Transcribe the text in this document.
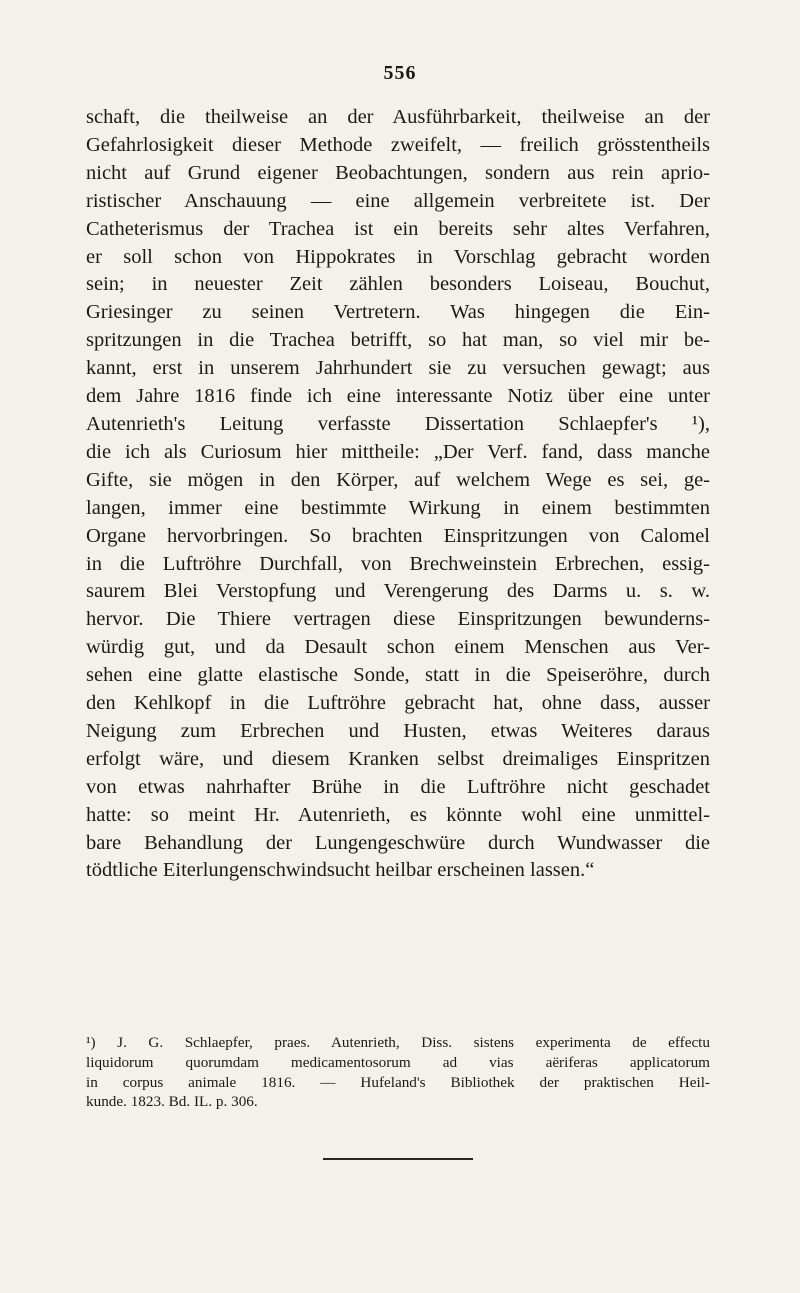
556
schaft, die theilweise an der Ausführbarkeit, theilweise an der
Gefahrlosigkeit dieser Methode zweifelt, — freilich grösstentheils
nicht auf Grund eigener Beobachtungen, sondern aus rein aprio-
ristischer Anschauung — eine allgemein verbreitete ist. Der
Catheterismus der Trachea ist ein bereits sehr altes Verfahren,
er soll schon von Hippokrates in Vorschlag gebracht worden
sein; in neuester Zeit zählen besonders Loiseau, Bouchut,
Griesinger zu seinen Vertretern. Was hingegen die Ein-
spritzungen in die Trachea betrifft, so hat man, so viel mir be-
kannt, erst in unserem Jahrhundert sie zu versuchen gewagt; aus
dem Jahre 1816 finde ich eine interessante Notiz über eine unter
Autenrieth's Leitung verfasste Dissertation Schlaepfer's ¹),
die ich als Curiosum hier mittheile: „Der Verf. fand, dass manche
Gifte, sie mögen in den Körper, auf welchem Wege es sei, ge-
langen, immer eine bestimmte Wirkung in einem bestimmten
Organe hervorbringen. So brachten Einspritzungen von Calomel
in die Luftröhre Durchfall, von Brechweinstein Erbrechen, essig-
saurem Blei Verstopfung und Verengerung des Darms u. s. w.
hervor. Die Thiere vertragen diese Einspritzungen bewunderns-
würdig gut, und da Desault schon einem Menschen aus Ver-
sehen eine glatte elastische Sonde, statt in die Speiseröhre, durch
den Kehlkopf in die Luftröhre gebracht hat, ohne dass, ausser
Neigung zum Erbrechen und Husten, etwas Weiteres daraus
erfolgt wäre, und diesem Kranken selbst dreimaliges Einspritzen
von etwas nahrhafter Brühe in die Luftröhre nicht geschadet
hatte: so meint Hr. Autenrieth, es könnte wohl eine unmittel-
bare Behandlung der Lungengeschwüre durch Wundwasser die
tödtliche Eiterlungenschwindsucht heilbar erscheinen lassen.“
¹) J. G. Schlaepfer, praes. Autenrieth, Diss. sistens experimenta de effectu
liquidorum quorumdam medicamentosorum ad vias aëriferas applicatorum
in corpus animale 1816. — Hufeland's Bibliothek der praktischen Heil-
kunde. 1823. Bd. IL. p. 306.
